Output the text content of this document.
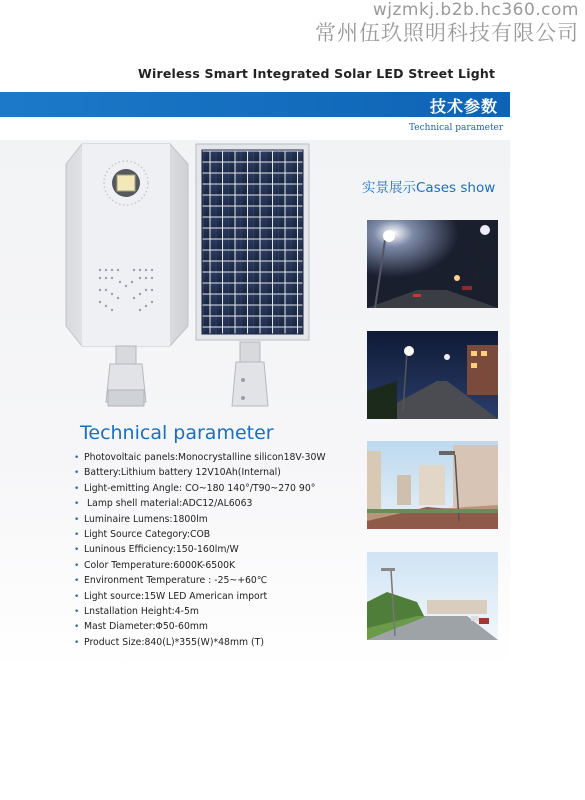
wjzmkj.b2b.hc360.com
常州伍玖照明科技有限公司
Wireless Smart Integrated Solar LED Street Light
技术参数
Technical parameter
实景展示Cases show
Technical parameter
• Photovoltaic panels:Monocrystalline silicon18V-30W
• Battery:Lithium battery 12V10Ah(Internal)
• Light-emitting Angle: CO~180 140°/T90~270 90°
• Lamp shell material:ADC12/AL6063
• Luminaire Lumens:1800lm
• Light Source Category:COB
• Luninous Efficiency:150-160lm/W
• Color Temperature:6000K-6500K
• Environment Temperature : -25~+60℃
• Light source:15W LED American import
• Lnstallation Height:4-5m
• Mast Diameter:Φ50-60mm
• Product Size:840(L)*355(W)*48mm (T)
